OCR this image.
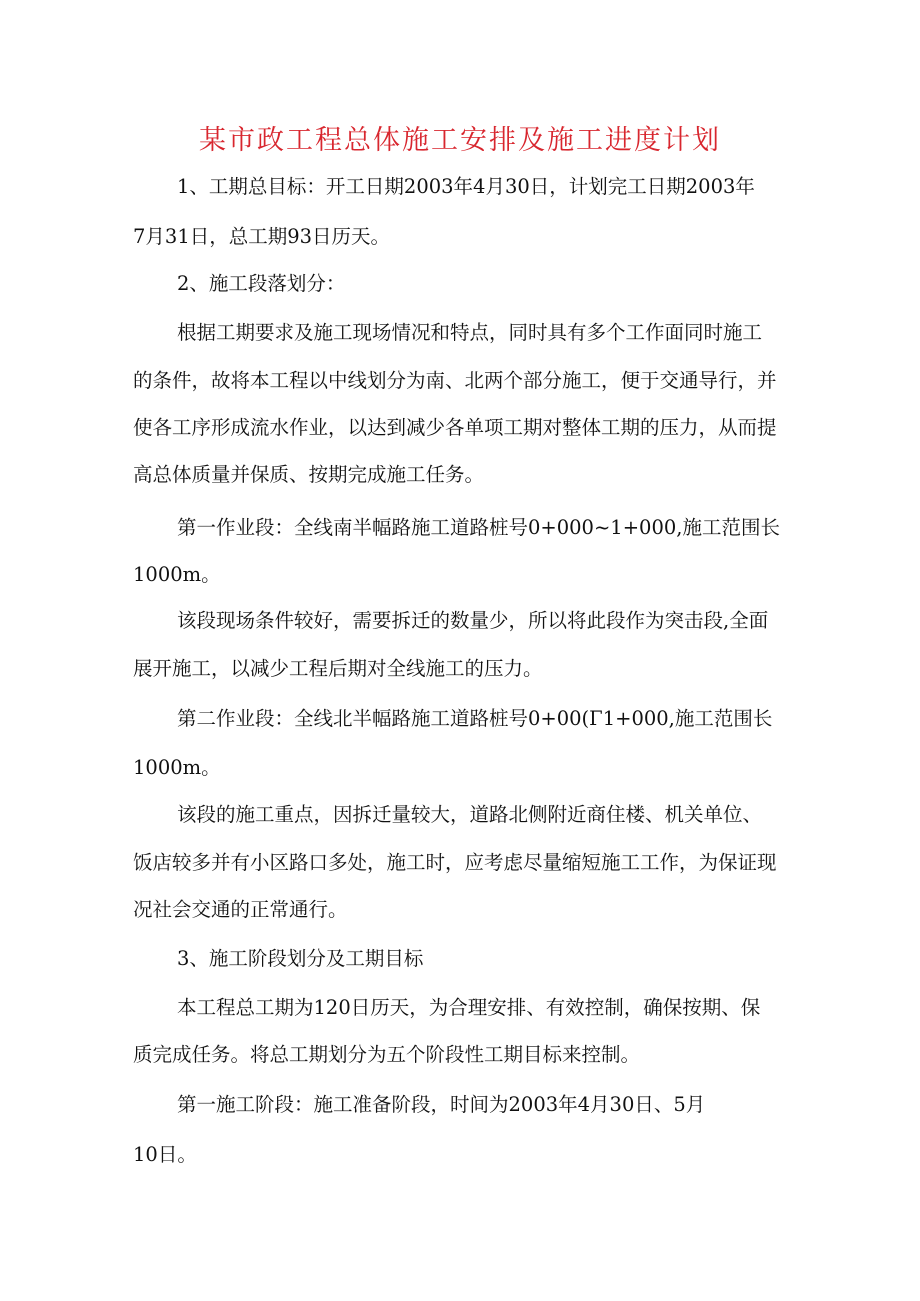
某市政工程总体施工安排及施工进度计划
1、工期总目标：开工日期2003年4月30日，计划完工日期2003年
7月31日，总工期93日历天。
2、施工段落划分：
根据工期要求及施工现场情况和特点，同时具有多个工作面同时施工
的条件，故将本工程以中线划分为南、北两个部分施工，便于交通导行，并
使各工序形成流水作业，以达到减少各单项工期对整体工期的压力，从而提
高总体质量并保质、按期完成施工任务。
第一作业段：全线南半幅路施工道路桩号0+000~1+000,施工范围长
1000m。
该段现场条件较好，需要拆迁的数量少，所以将此段作为突击段,全面
展开施工，以减少工程后期对全线施工的压力。
第二作业段：全线北半幅路施工道路桩号0+00(Γ1+000,施工范围长
1000m。
该段的施工重点，因拆迁量较大，道路北侧附近商住楼、机关单位、
饭店较多并有小区路口多处，施工时，应考虑尽量缩短施工工作，为保证现
况社会交通的正常通行。
3、施工阶段划分及工期目标
本工程总工期为120日历天，为合理安排、有效控制，确保按期、保
质完成任务。将总工期划分为五个阶段性工期目标来控制。
第一施工阶段：施工准备阶段，时间为2003年4月30日、5月
10日。
